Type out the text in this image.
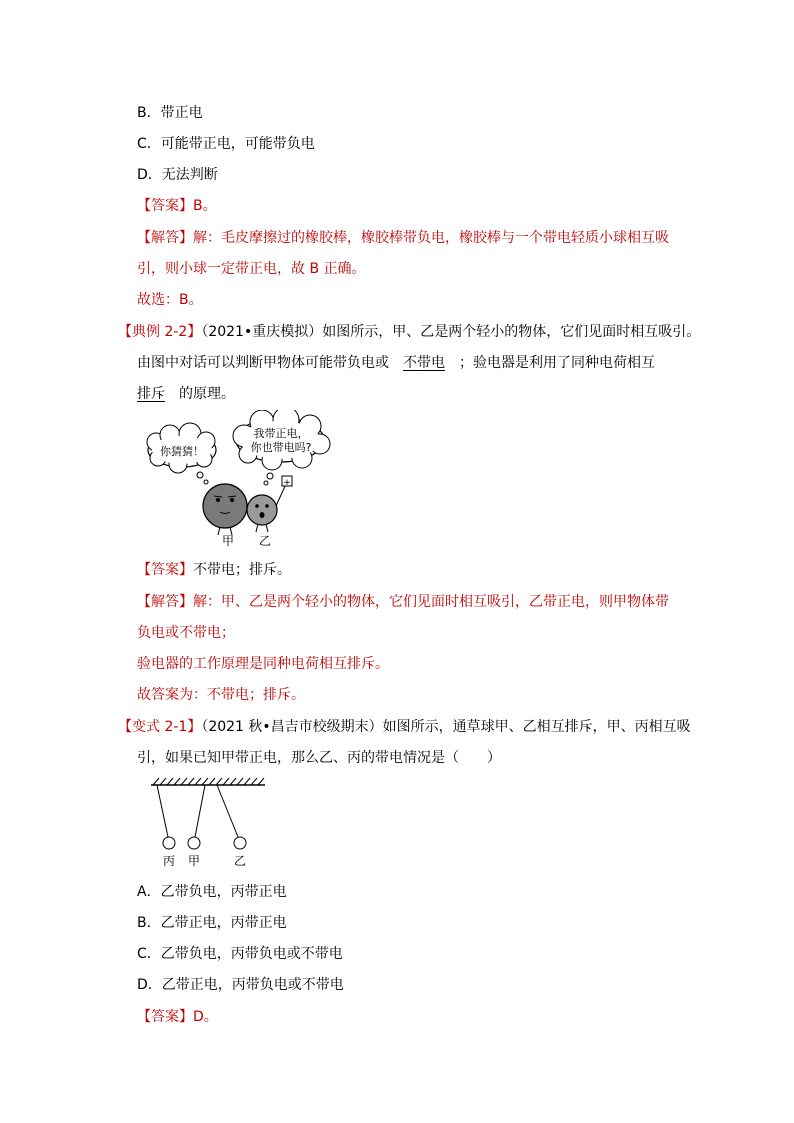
B．带正电
C．可能带正电，可能带负电
D．无法判断
【答案】B。
【解答】解：毛皮摩擦过的橡胶棒，橡胶棒带负电，橡胶棒与一个带电轻质小球相互吸
引，则小球一定带正电，故 B 正确。
故选：B。
【典例 2-2】（2021•重庆模拟）如图所示，甲、乙是两个轻小的物体，它们见面时相互吸引。
由图中对话可以判断甲物体可能带负电或 不带电 ；验电器是利用了同种电荷相互
排斥 的原理。
你猜猜！
我带正电，
你也带电吗?
+
甲 乙
【答案】不带电；排斥。
【解答】解：甲、乙是两个轻小的物体，它们见面时相互吸引，乙带正电，则甲物体带
负电或不带电；
验电器的工作原理是同种电荷相互排斥。
故答案为：不带电；排斥。
【变式 2-1】（2021 秋•昌吉市校级期末）如图所示，通草球甲、乙相互排斥，甲、丙相互吸
引，如果已知甲带正电，那么乙、丙的带电情况是（　　）
丙 甲	乙
A．乙带负电，丙带正电
B．乙带正电，丙带正电
C．乙带负电，丙带负电或不带电
D．乙带正电，丙带负电或不带电
【答案】D。
